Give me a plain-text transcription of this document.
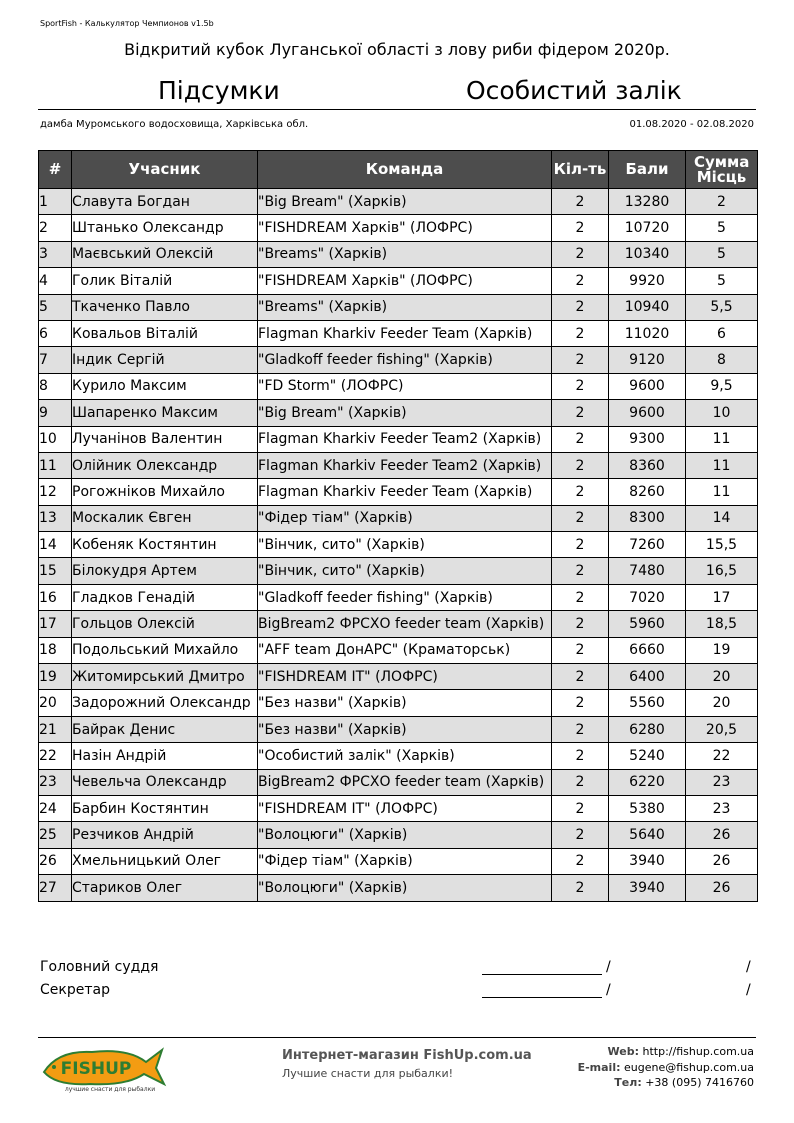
SportFish - Калькулятор Чемпионов v1.5b
Відкритий кубок Луганської області з лову риби фідером 2020р.
Підсумки	Особистий залік
дамба Муромського водосховища, Харківська обл.	01.08.2020 - 02.08.2020
#	Учасник	Команда	Кіл-ть	Бали	Сумма Місць
1	Славута Богдан	"Big Bream" (Харків)	2	13280	2
2	Штанько Олександр	"FISHDREAM Харків" (ЛОФРС)	2	10720	5
3	Маєвський Олексій	"Breams" (Харків)	2	10340	5
4	Голик Віталій	"FISHDREAM Харків" (ЛОФРС)	2	9920	5
5	Ткаченко Павло	"Breams" (Харків)	2	10940	5,5
6	Ковальов Віталій	Flagman Kharkiv Feeder Team (Харків)	2	11020	6
7	Індик Сергій	"Gladkoff feeder fishing" (Харків)	2	9120	8
8	Курило Максим	"FD Storm" (ЛОФРС)	2	9600	9,5
9	Шапаренко Максим	"Big Bream" (Харків)	2	9600	10
10	Лучанінов Валентин	Flagman Kharkiv Feeder Team2 (Харків)	2	9300	11
11	Олійник Олександр	Flagman Kharkiv Feeder Team2 (Харків)	2	8360	11
12	Рогожніков Михайло	Flagman Kharkiv Feeder Team (Харків)	2	8260	11
13	Москалик Євген	"Фідер тіам" (Харків)	2	8300	14
14	Кобеняк Костянтин	"Вінчик, сито" (Харків)	2	7260	15,5
15	Білокудря Артем	"Вінчик, сито" (Харків)	2	7480	16,5
16	Гладков Генадій	"Gladkoff feeder fishing" (Харків)	2	7020	17
17	Гольцов Олексій	BigBream2 ФРСХО feeder team (Харків)	2	5960	18,5
18	Подольський Михайло	"AFF team ДонАРС" (Краматорськ)	2	6660	19
19	Житомирський Дмитро	"FISHDREAM IT" (ЛОФРС)	2	6400	20
20	Задорожний Олександр	"Без назви" (Харків)	2	5560	20
21	Байрак Денис	"Без назви" (Харків)	2	6280	20,5
22	Назін Андрій	"Особистий залік" (Харків)	2	5240	22
23	Чевельча Олександр	BigBream2 ФРСХО feeder team (Харків)	2	6220	23
24	Барбин Костянтин	"FISHDREAM IT" (ЛОФРС)	2	5380	23
25	Резчиков Андрій	"Волоцюги" (Харків)	2	5640	26
26	Хмельницький Олег	"Фідер тіам" (Харків)	2	3940	26
27	Стариков Олег	"Волоцюги" (Харків)	2	3940	26
Головний суддя	/	/
Секретар	/	/
FISHUP
лучшие снасти для рыбалки
Интернет-магазин FishUp.com.ua
Лучшие снасти для рыбалки!
Web: http://fishup.com.ua
E-mail: eugene@fishup.com.ua
Тел: +38 (095) 7416760
